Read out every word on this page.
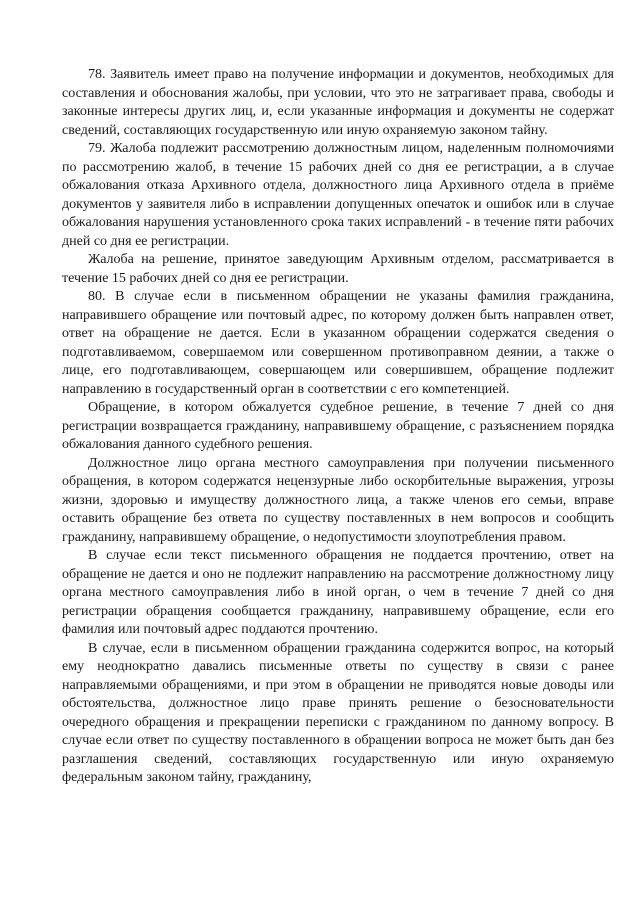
78. Заявитель имеет право на получение информации и документов, необходимых для составления и обоснования жалобы, при условии, что это не затрагивает права, свободы и законные интересы других лиц, и, если указанные информация и документы не содержат сведений, составляющих государственную или иную охраняемую законом тайну.

79. Жалоба подлежит рассмотрению должностным лицом, наделенным полномочиями по рассмотрению жалоб, в течение 15 рабочих дней со дня ее регистрации, а в случае обжалования отказа Архивного отдела, должностного лица Архивного отдела в приёме документов у заявителя либо в исправлении допущенных опечаток и ошибок или в случае обжалования нарушения установленного срока таких исправлений - в течение пяти рабочих дней со дня ее регистрации.

Жалоба на решение, принятое заведующим Архивным отделом, рассматривается в течение 15 рабочих дней со дня ее регистрации.

80. В случае если в письменном обращении не указаны фамилия гражданина, направившего обращение или почтовый адрес, по которому должен быть направлен ответ, ответ на обращение не дается. Если в указанном обращении содержатся сведения о подготавливаемом, совершаемом или совершенном противоправном деянии, а также о лице, его подготавливающем, совершающем или совершившем, обращение подлежит направлению в государственный орган в соответствии с его компетенцией.

Обращение, в котором обжалуется судебное решение, в течение 7 дней со дня регистрации возвращается гражданину, направившему обращение, с разъяснением порядка обжалования данного судебного решения.

Должностное лицо органа местного самоуправления при получении письменного обращения, в котором содержатся нецензурные либо оскорбительные выражения, угрозы жизни, здоровью и имуществу должностного лица, а также членов его семьи, вправе оставить обращение без ответа по существу поставленных в нем вопросов и сообщить гражданину, направившему обращение, о недопустимости злоупотребления правом.

В случае если текст письменного обращения не поддается прочтению, ответ на обращение не дается и оно не подлежит направлению на рассмотрение должностному лицу органа местного самоуправления либо в иной орган, о чем в течение 7 дней со дня регистрации обращения сообщается гражданину, направившему обращение, если его фамилия или почтовый адрес поддаются прочтению.

В случае, если в письменном обращении гражданина содержится вопрос, на который ему неоднократно давались письменные ответы по существу в связи с ранее направляемыми обращениями, и при этом в обращении не приводятся новые доводы или обстоятельства, должностное лицо праве принять решение о безосновательности очередного обращения и прекращении переписки с гражданином по данному вопросу. В случае если ответ по существу поставленного в обращении вопроса не может быть дан без разглашения сведений, составляющих государственную или иную охраняемую федеральным законом тайну, гражданину,
